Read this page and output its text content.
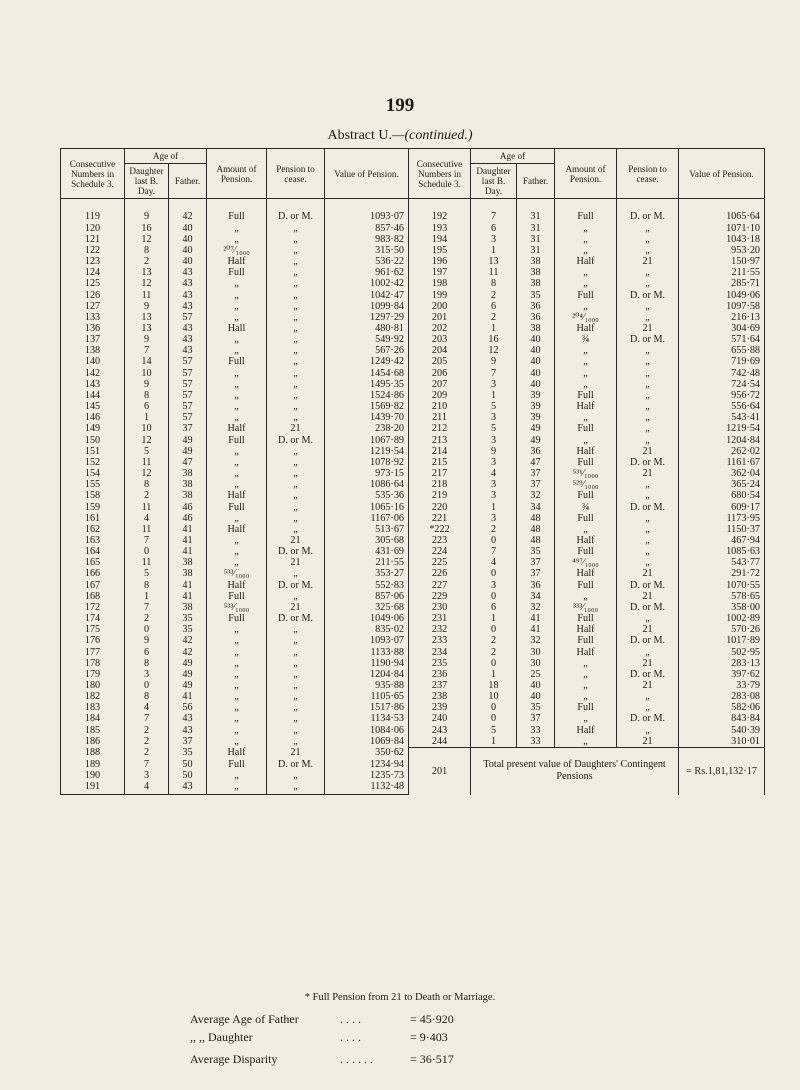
199
Abstract U.—(continued.)
Consecutive Numbers in Schedule 3.	Age of		Amount of Pension.	Pension to cease.	Value of Pension.	Consecutive Numbers in Schedule 3.	Age of		Amount of Pension.	Pension to cease.	Value of Pension.
	Daughter last B. Day.	Father.					Daughter last B. Day.	Father.			
119	9	42	Full	D. or M.	1093·07	192	7	31	Full	D. or M.	1065·64
120	16	40	„	„	857·46	193	6	31	„	„	1071·10
121	12	40	„	„	983·82	194	3	31	„	„	1043·18
122	8	40	²⁰⁷⁄₁₀₀₀	„	315·50	195	1	31	„	„	953·20
123	2	40	Half	„	536·22	196	13	38	Half	21	150·97
124	13	43	Full	„	961·62	197	11	38	„	„	211·55
125	12	43	„	„	1002·42	198	8	38	„	„	285·71
126	11	43	„	„	1042·47	199	2	35	Full	D. or M.	1049·06
127	9	43	„	„	1099·84	200	6	36	„	„	1097·58
133	13	57	„	„	1297·29	201	2	36	²⁰⁴⁄₁₀₀₀	„	216·13
136	13	43	Hall	„	480·81	202	1	38	Half	21	304·69
137	9	43	„	„	549·92	203	16	40	¾	D. or M.	571·64
138	7	43	„	„	567·26	204	12	40	„	„	655·88
140	14	57	Full	„	1249·42	205	9	40	„	„	719·69
142	10	57	„	„	1454·68	206	7	40	„	„	742·48
143	9	57	„	„	1495·35	207	3	40	„	„	724·54
144	8	57	„	„	1524·86	209	1	39	Full	„	956·72
145	6	57	„	„	1569·82	210	5	39	Half	„	556·64
146	1	57	„	„	1439·70	211	3	39	„	„	543·41
149	10	37	Half	21	238·20	212	5	49	Full	„	1219·54
150	12	49	Full	D. or M.	1067·89	213	3	49	„	„	1204·84
151	5	49	„	„	1219·54	214	9	36	Half	21	262·02
152	11	47	„	„	1078·92	215	3	47	Full	D. or M.	1161·67
154	12	38	„	„	973·15	217	4	37	⁵³¹⁄₁₀₀₀	21	362·04
155	8	38	„	„	1086·64	218	3	37	⁵²⁹⁄₁₀₀₀	„	365·24
158	2	38	Half	„	535·36	219	3	32	Full	„	680·54
159	11	46	Full	„	1065·16	220	1	34	¾	D. or M.	609·17
161	4	46	„	„	1167·06	221	3	48	Full	„	1173·95
162	11	41	Half	„	513·67	*222	2	48	„	„	1150·37
163	7	41	„	21	305·68	223	0	48	Half	„	467·94
164	0	41	„	D. or M.	431·69	224	7	35	Full	„	1085·63
165	11	38	„	21	211·55	225	4	37	⁴⁹⁷⁄₁₀₀₀	„	543·77
166	5	38	⁵³³⁄₁₀₀₀	„	353·27	226	0	37	Half	21	291·72
167	8	41	Half	D. or M.	552·83	227	3	36	Full	D. or M.	1070·55
168	1	41	Full	„	857·06	229	0	34	„	21	578·65
172	7	38	⁵³³⁄₁₀₀₀	21	325·68	230	6	32	³³³⁄₁₀₀₀	D. or M.	358·00
174	2	35	Full	D. or M.	1049·06	231	1	41	Full	„	1002·89
175	0	35	„	„	835·02	232	0	41	Half	21	570·26
176	9	42	„	„	1093·07	233	2	32	Full	D. or M.	1017·89
177	6	42	„	„	1133·88	234	2	30	Half	„	502·95
178	8	49	„	„	1190·94	235	0	30	„	21	283·13
179	3	49	„	„	1204·84	236	1	25	„	D. or M.	397·62
180	0	49	„	„	935·88	237	18	40	„	21	33·79
182	8	41	„	„	1105·65	238	10	40	„	„	283·08
183	4	56	„	„	1517·86	239	0	35	Full	„	582·06
184	7	43	„	„	1134·53	240	0	37	„	D. or M.	843·84
185	2	43	„	„	1084·06	243	5	33	Half	„	540·39
186	2	37	„	„	1069·84	244	1	33	„	21	310·01
188	2	35	Half	21	350·62	201	Total present value of Daughters' Contingent Pensions				= Rs.1,81,132·17
189	7	50	Full	D. or M.	1234·94						
190	3	50	„	„	1235·73						
191	4	43	„	„	1132·48						
* Full Pension from 21 to Death or Marriage.
Average Age of Father	. . . .	= 45·920
,, ,, Daughter	. . . .	= 9·403
Average Disparity	. . . . . .	= 36·517
